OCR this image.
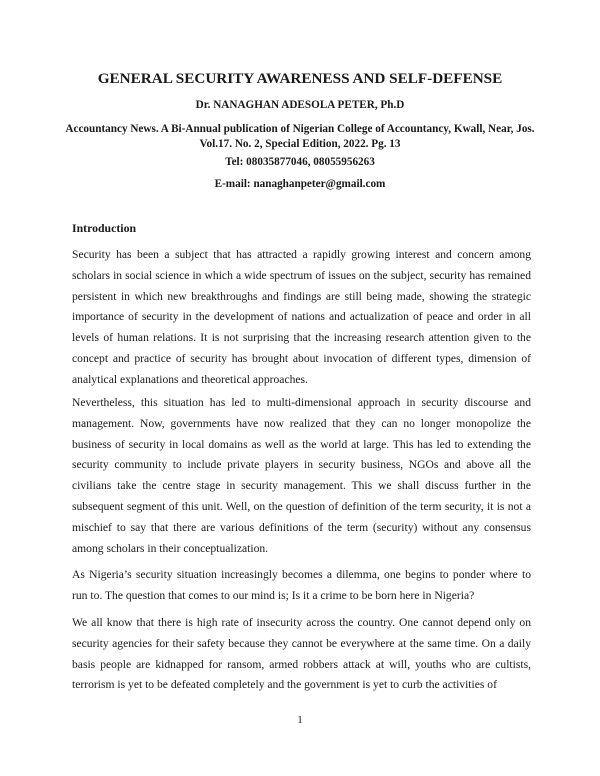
GENERAL SECURITY AWARENESS AND SELF-DEFENSE

Dr. NANAGHAN ADESOLA PETER, Ph.D

Accountancy News. A Bi-Annual publication of Nigerian College of Accountancy, Kwall, Near, Jos.

Vol.17. No. 2, Special Edition, 2022. Pg. 13

Tel: 08035877046, 08055956263

E-mail: nanaghanpeter@gmail.com

Introduction

Security has been a subject that has attracted a rapidly growing interest and concern among scholars in social science in which a wide spectrum of issues on the subject, security has remained persistent in which new breakthroughs and findings are still being made, showing the strategic importance of security in the development of nations and actualization of peace and order in all levels of human relations. It is not surprising that the increasing research attention given to the concept and practice of security has brought about invocation of different types, dimension of analytical explanations and theoretical approaches.

Nevertheless, this situation has led to multi-dimensional approach in security discourse and management. Now, governments have now realized that they can no longer monopolize the business of security in local domains as well as the world at large. This has led to extending the security community to include private players in security business, NGOs and above all the civilians take the centre stage in security management. This we shall discuss further in the subsequent segment of this unit. Well, on the question of definition of the term security, it is not a mischief to say that there are various definitions of the term (security) without any consensus among scholars in their conceptualization.

As Nigeria’s security situation increasingly becomes a dilemma, one begins to ponder where to run to. The question that comes to our mind is; Is it a crime to be born here in Nigeria?

We all know that there is high rate of insecurity across the country. One cannot depend only on security agencies for their safety because they cannot be everywhere at the same time. On a daily basis people are kidnapped for ransom, armed robbers attack at will, youths who are cultists, terrorism is yet to be defeated completely and the government is yet to curb the activities of

1
